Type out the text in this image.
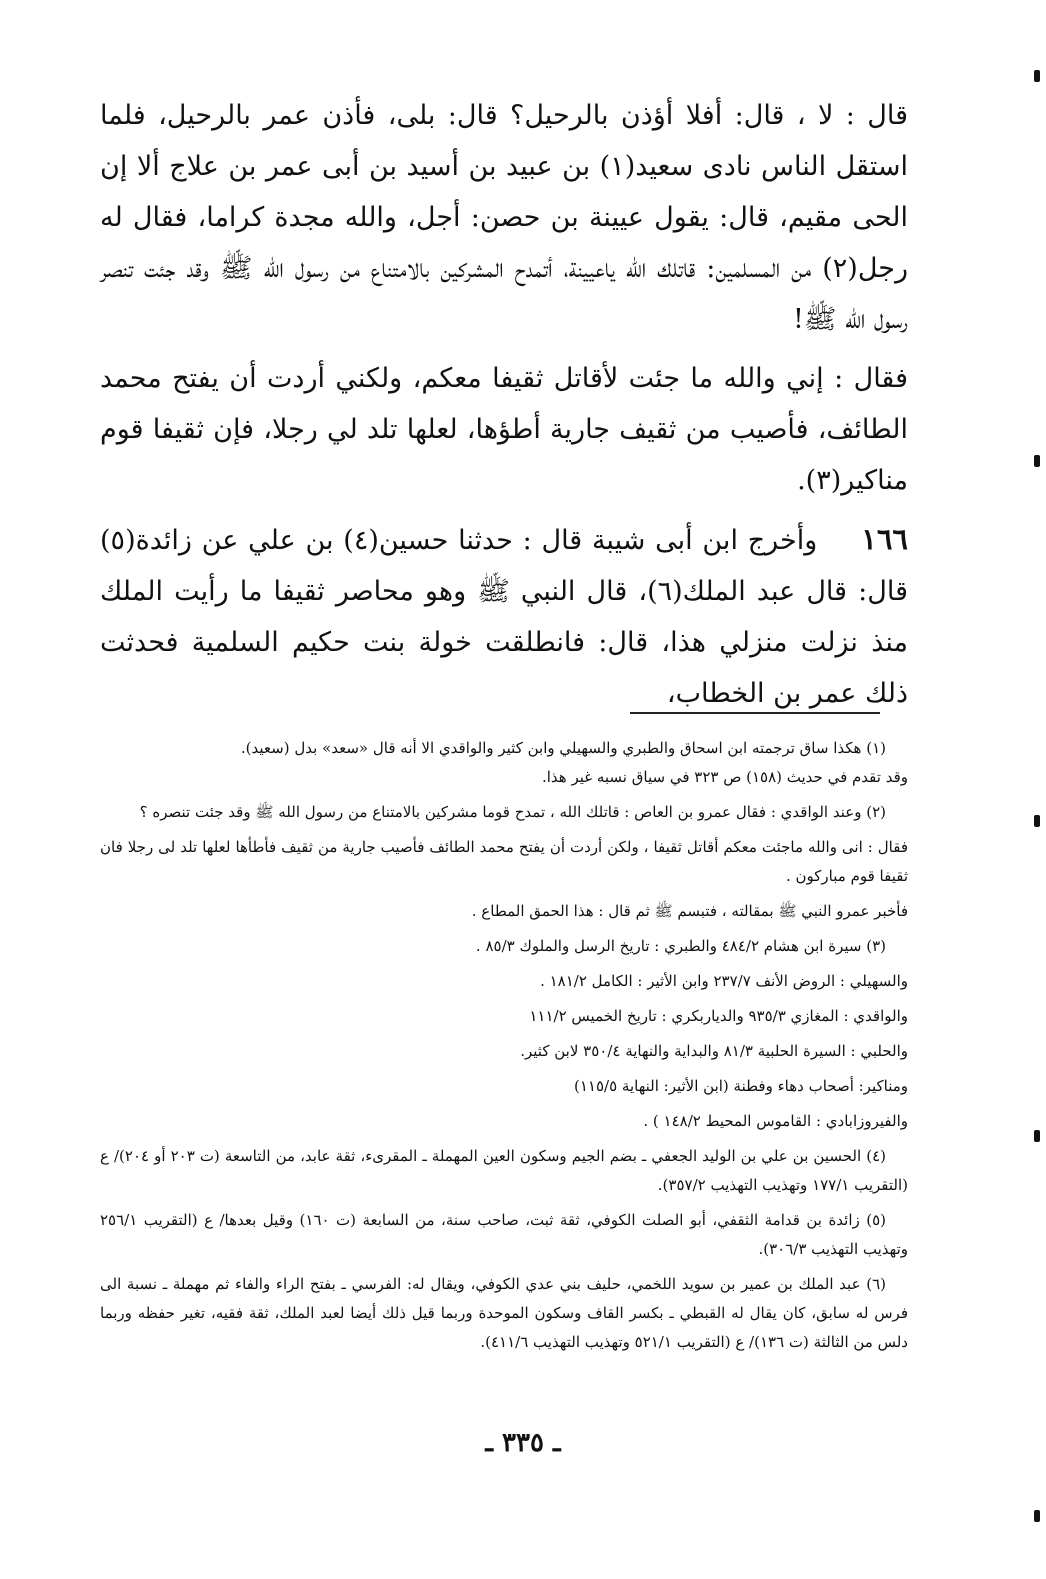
قال : لا ، قال: أفلا أؤذن بالرحيل؟ قال: بلى، فأذن عمر بالرحيل، فلما استقل الناس نادى سعيد(١) بن عبيد بن أسيد بن أبى عمر بن علاج ألا إن الحى مقيم، قال: يقول عيينة بن حصن: أجل، والله مجدة كراما، فقال له رجل(٢) من المسلمين: قاتلك الله ياعيينة، أتمدح المشركين بالامتناع من رسول الله ﷺ وقد جئت تنصر رسول الله ﷺ!

فقال : إني والله ما جئت لأقاتل ثقيفا معكم، ولكني أردت أن يفتح محمد الطائف، فأصيب من ثقيف جارية أطؤها، لعلها تلد لي رجلا، فإن ثقيفا قوم مناكير(٣).

١٦٦وأخرج ابن أبى شيبة قال : حدثنا حسين(٤) بن علي عن زائدة(٥) قال: قال عبد الملك(٦)، قال النبي ﷺ وهو محاصر ثقيفا ما رأيت الملك منذ نزلت منزلي هذا، قال: فانطلقت خولة بنت حكيم السلمية فحدثت ذلك عمر بن الخطاب،

(١) هكذا ساق ترجمته ابن اسحاق والطبري والسهيلي وابن كثير والواقدي الا أنه قال «سعد» بدل (سعيد).
وقد تقدم في حديث (١٥٨) ص ٣٢٣ في سياق نسبه غير هذا.

(٢) وعند الواقدي : فقال عمرو بن العاص : قاتلك الله ، تمدح قوما مشركين بالامتناع من رسول الله ﷺ وقد جئت تنصره ؟

فقال : انى والله ماجئت معكم أقاتل ثقيفا ، ولكن أردت أن يفتح محمد الطائف فأصيب جارية من ثقيف فأطأها لعلها تلد لى رجلا فان ثقيفا قوم مباركون .

فأخبر عمرو النبي ﷺ بمقالته ، فتبسم ﷺ ثم قال : هذا الحمق المطاع .

(٣) سيرة ابن هشام ٤٨٤/٢ والطبري : تاريخ الرسل والملوك ٨٥/٣ .

والسهيلي : الروض الأنف ٢٣٧/٧ وابن الأثير : الكامل ١٨١/٢ .

والواقدي : المغازي ٩٣٥/٣ والدياربكري : تاريخ الخميس ١١١/٢

والحلبي : السيرة الحلبية ٨١/٣ والبداية والنهاية ٣٥٠/٤ لابن كثير.

ومناكير: أصحاب دهاء وفطنة (ابن الأثير: النهاية ١١٥/٥)

والفيروزابادي : القاموس المحيط ١٤٨/٢ ) .

(٤) الحسين بن علي بن الوليد الجعفي ـ بضم الجيم وسكون العين المهملة ـ المقرىء، ثقة عابد، من التاسعة (ت ٢٠٣ أو ٢٠٤)/ ع (التقريب ١٧٧/١ وتهذيب التهذيب ٣٥٧/٢).

(٥) زائدة بن قدامة الثقفي، أبو الصلت الكوفي، ثقة ثبت، صاحب سنة، من السابعة (ت ١٦٠) وقيل بعدها/ ع (التقريب ٢٥٦/١ وتهذيب التهذيب ٣٠٦/٣).

(٦) عبد الملك بن عمير بن سويد اللخمي، حليف بني عدي الكوفي، ويقال له: الفرسي ـ بفتح الراء والفاء ثم مهملة ـ نسبة الى فرس له سابق، كان يقال له القبطي ـ بكسر القاف وسكون الموحدة وربما قيل ذلك أيضا لعبد الملك، ثقة فقيه، تغير حفظه وربما دلس من الثالثة (ت ١٣٦)/ ع (التقريب ٥٢١/١ وتهذيب التهذيب ٤١١/٦).

ـ ٣٣٥ ـ
